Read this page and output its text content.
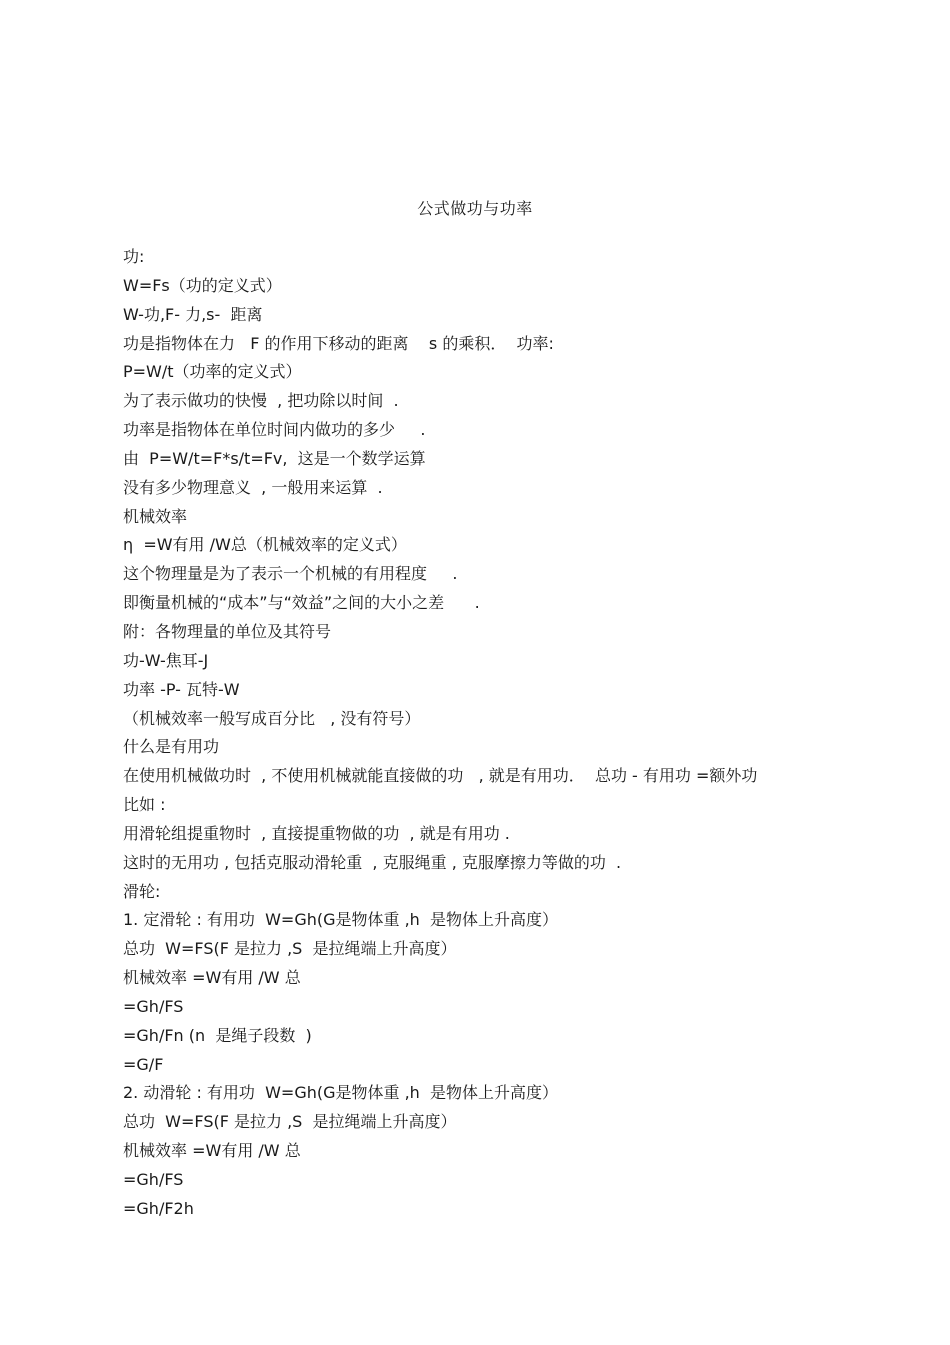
公式做功与功率
功:
W=Fs（功的定义式）
W-功,F- 力,s-  距离
功是指物体在力   F 的作用下移动的距离    s 的乘积．  功率:
P=W/t（功率的定义式）
为了表示做功的快慢  , 把功除以时间  .
功率是指物体在单位时间内做功的多少     .
由  P=W/t=F*s/t=Fv,  这是一个数学运算
没有多少物理意义  , 一般用来运算  .
机械效率
η  =W有用 /W总（机械效率的定义式）
这个物理量是为了表示一个机械的有用程度     .
即衡量机械的“成本”与“效益”之间的大小之差      .
附：各物理量的单位及其符号
功-W-焦耳-J
功率 -P- 瓦特-W
（机械效率一般写成百分比   , 没有符号）
什么是有用功
在使用机械做功时  , 不使用机械就能直接做的功   , 就是有用功．  总功 - 有用功 =额外功
比如 :
用滑轮组提重物时  , 直接提重物做的功  , 就是有用功 .
这时的无用功 , 包括克服动滑轮重  , 克服绳重 , 克服摩擦力等做的功  .
滑轮:
1. 定滑轮 : 有用功  W=Gh(G是物体重 ,h  是物体上升高度）
总功  W=FS(F 是拉力 ,S  是拉绳端上升高度）
机械效率 =W有用 /W 总
=Gh/FS
=Gh/Fn (n  是绳子段数  )
=G/F
2. 动滑轮 : 有用功  W=Gh(G是物体重 ,h  是物体上升高度）
总功  W=FS(F 是拉力 ,S  是拉绳端上升高度）
机械效率 =W有用 /W 总
=Gh/FS
=Gh/F2h
